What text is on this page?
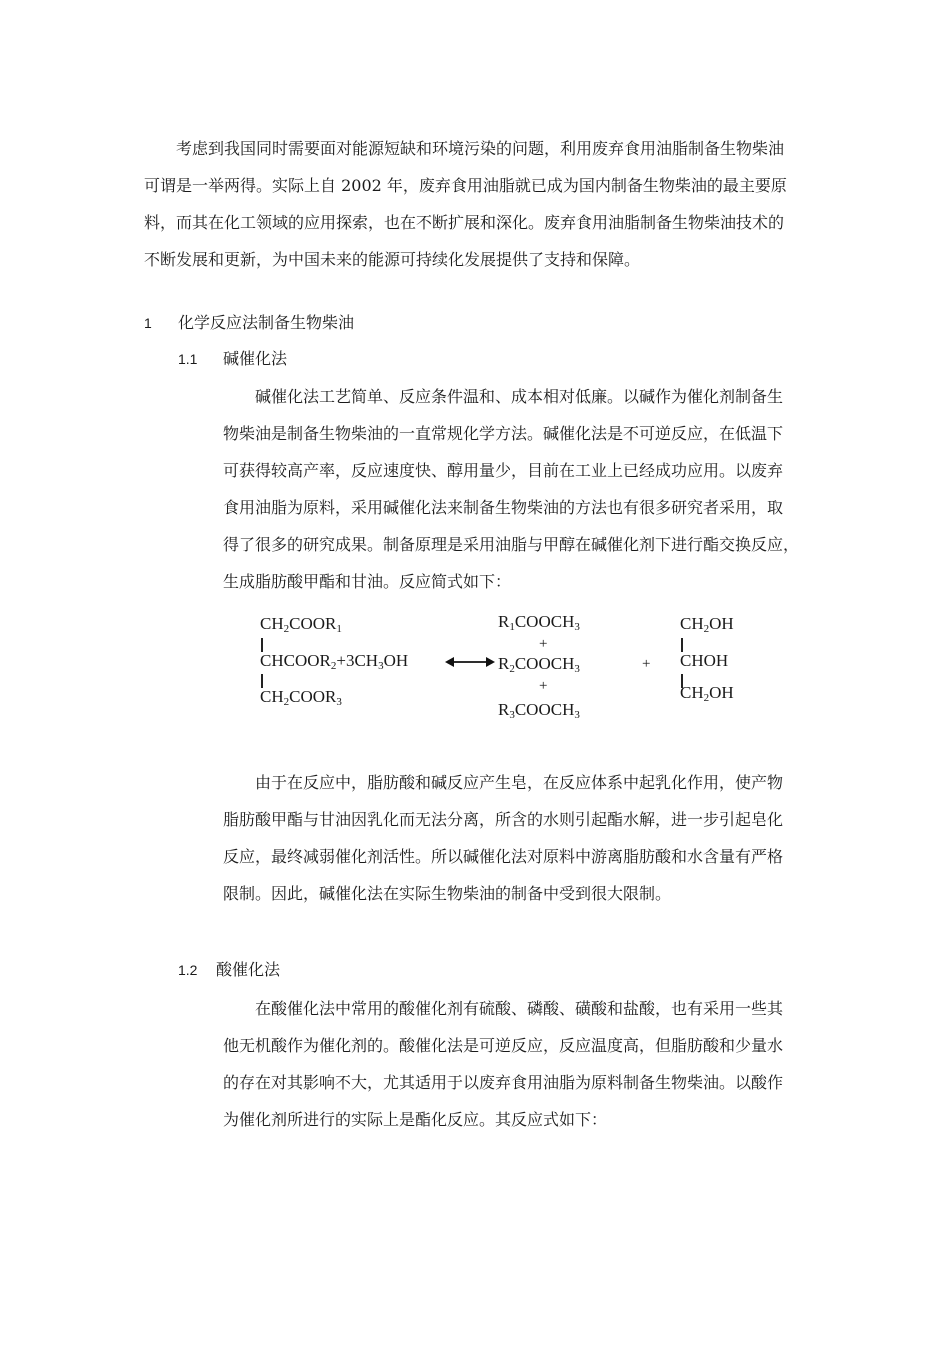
考虑到我国同时需要面对能源短缺和环境污染的问题，利用废弃食用油脂制备生物柴油
可谓是一举两得。实际上自 2002 年，废弃食用油脂就已成为国内制备生物柴油的最主要原
料，而其在化工领域的应用探索，也在不断扩展和深化。废弃食用油脂制备生物柴油技术的
不断发展和更新，为中国未来的能源可持续化发展提供了支持和保障。
1 化学反应法制备生物柴油
1.1 碱催化法
碱催化法工艺简单、反应条件温和、成本相对低廉。以碱作为催化剂制备生
物柴油是制备生物柴油的一直常规化学方法。碱催化法是不可逆反应，在低温下
可获得较高产率，反应速度快、醇用量少，目前在工业上已经成功应用。以废弃
食用油脂为原料，采用碱催化法来制备生物柴油的方法也有很多研究者采用，取
得了很多的研究成果。制备原理是采用油脂与甲醇在碱催化剂下进行酯交换反应，
生成脂肪酸甲酯和甘油。反应简式如下：
$CH_2COOR_1$
$CHCOOR_2+3CH_3OH$
$CH_2COOR_3$
$R_1COOCH_3$
+
$R_2COOCH_3$
+
$R_3COOCH_3$
+
$CH_2OH$
CHOH
$CH_2OH$
由于在反应中，脂肪酸和碱反应产生皂，在反应体系中起乳化作用，使产物
脂肪酸甲酯与甘油因乳化而无法分离，所含的水则引起酯水解，进一步引起皂化
反应，最终减弱催化剂活性。所以碱催化法对原料中游离脂肪酸和水含量有严格
限制。因此，碱催化法在实际生物柴油的制备中受到很大限制。
1.2 酸催化法
在酸催化法中常用的酸催化剂有硫酸、磷酸、磺酸和盐酸，也有采用一些其
他无机酸作为催化剂的。酸催化法是可逆反应，反应温度高，但脂肪酸和少量水
的存在对其影响不大，尤其适用于以废弃食用油脂为原料制备生物柴油。以酸作
为催化剂所进行的实际上是酯化反应。其反应式如下：
